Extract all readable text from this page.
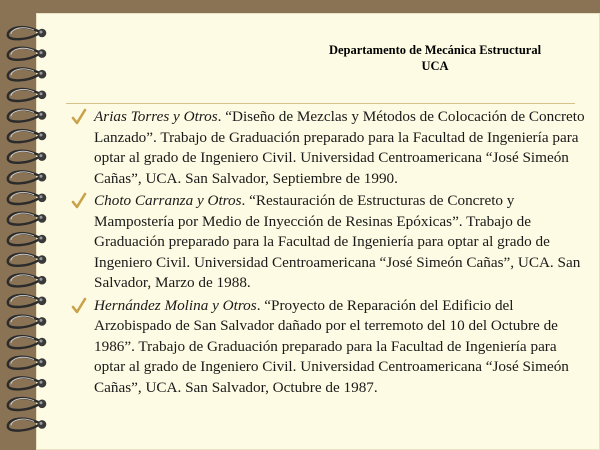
Departamento de Mecánica Estructural
UCA
Arias Torres y Otros. “Diseño de Mezclas y Métodos de Colocación de Concreto Lanzado”. Trabajo de Graduación preparado para la Facultad de Ingeniería para optar al grado de Ingeniero Civil. Universidad Centroamericana “José Simeón Cañas”, UCA. San Salvador, Septiembre de 1990.
Choto Carranza y Otros. “Restauración de Estructuras de Concreto y Mampostería por Medio de Inyección de Resinas Epóxicas”. Trabajo de Graduación preparado para la Facultad de Ingeniería para optar al grado de Ingeniero Civil. Universidad Centroamericana “José Simeón Cañas”, UCA. San Salvador, Marzo de 1988.
Hernández Molina y Otros. “Proyecto de Reparación del Edificio del Arzobispado de San Salvador dañado por el terremoto del 10 del Octubre de 1986”. Trabajo de Graduación preparado para la Facultad de Ingeniería para optar al grado de Ingeniero Civil. Universidad Centroamericana “José Simeón Cañas”, UCA. San Salvador, Octubre de 1987.
